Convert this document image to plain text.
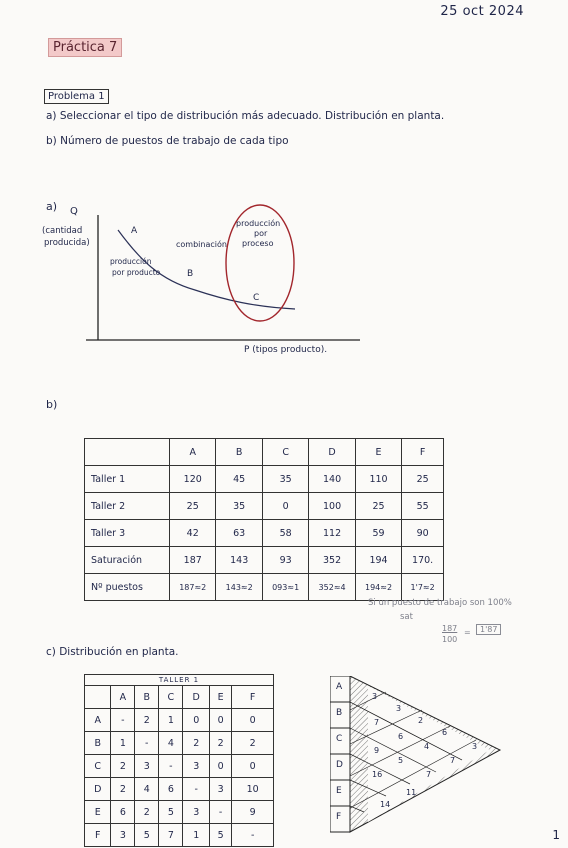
25 oct 2024
Práctica 7
Problema 1
a) Seleccionar el tipo de distribución más adecuado. Distribución en planta.
b) Número de puestos de trabajo de cada tipo
a) Q
(cantidad
producida)
A
B
C
producción
por producto
combinación
producción
por
proceso
P (tipos producto).
b)
	A	B	C	D	E	F
Taller 1	120	45	35	140	110	25
Taller 2	25	35	0	100	25	55
Taller 3	42	63	58	112	59	90
Saturación	187	143	93	352	194	170.
Nº puestos	187≈2	143≈2	093≈1	352≈4	194≈2	1'7≈2
Si un puesto de trabajo son 100%
sat
187
100
=	1'87
c) Distribución en planta.
TALLER 1						
	A	B	C	D	E	F
A	-	2	1	0	0	0
B	1	-	4	2	2	2
C	2	3	-	3	0	0
D	2	4	6	-	3	10
E	6	2	5	3	-	9
F	3	5	7	1	5	-
A
B
C
D
E
F
3
3
7	2
6	6
9	4	3
5	7
16	7
11
14
1
